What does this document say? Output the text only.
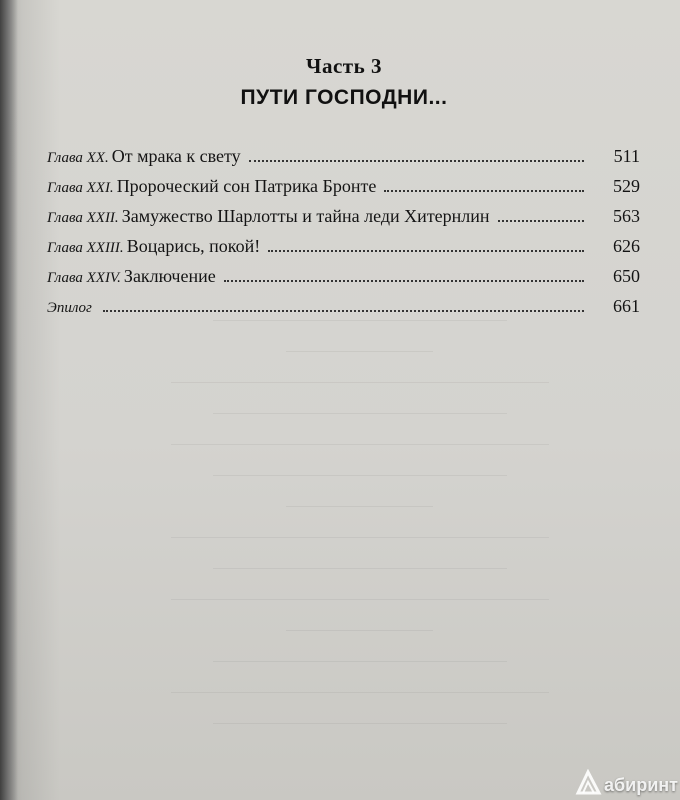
Часть 3
ПУТИ ГОСПОДНИ...
Глава XX. От мрака к свету	511
Глава XXI. Пророческий сон Патрика Бронте	529
Глава XXII. Замужество Шарлотты и тайна леди Хитернлин	563
Глава XXIII. Воцарись, покой!	626
Глава XXIV. Заключение	650
Эпилог	661
абиринт
